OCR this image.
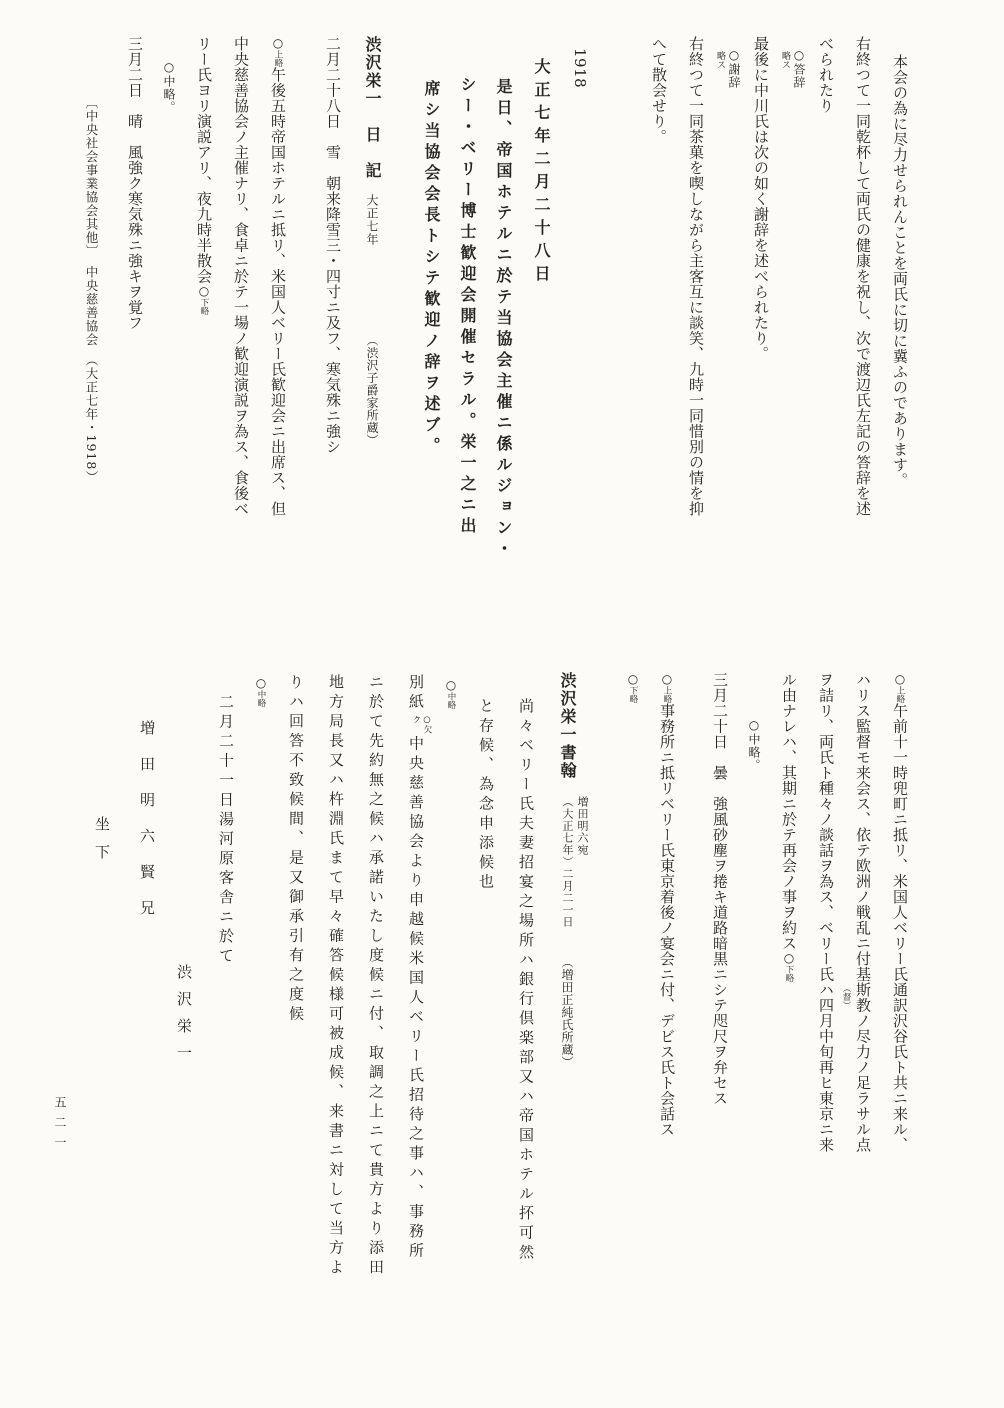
本会の為に尽力せられんことを両氏に切に冀ふのであります。
右終つて一同乾杯して両氏の健康を祝し、次で渡辺氏左記の答辞を述
べられたり
○答辞
略ス
最後に中川氏は次の如く謝辞を述べられたり。
○謝辞
略ス
右終つて一同茶菓を喫しながら主客互に談笑、九時一同惜別の情を抑
へて散会せり。
1918
大正七年二月二十八日
是日、帝国ホテルニ於テ当協会主催ニ係ルジョン・
シー・ベリー博士歓迎会開催セラル。栄一之ニ出
席シ当協会会長トシテ歓迎ノ辞ヲ述ブ。
渋沢栄一　日　記大正七年（渋沢子爵家所蔵）
二月二十八日　雪　朝来降雪三・四寸ニ及フ、寒気殊ニ強シ
○上略午後五時帝国ホテルニ抵リ、米国人ベリー氏歓迎会ニ出席ス、但
中央慈善協会ノ主催ナリ、食卓ニ於テ一場ノ歓迎演説ヲ為ス、食後ベ
リー氏ヨリ演説アリ、夜九時半散会○下略
○中略。
三月二日　晴　風強ク寒気殊ニ強キヲ覚フ
〔中央社会事業協会其他〕　中央慈善協会　（大正七年・1918）
○上略午前十一時兜町ニ抵リ、米国人ベリー氏通訳沢谷氏ト共ニ来ル、
ハリス監督モ来会ス、依テ欧洲ノ戦乱ニ付基斯
（督）
教ノ尽力ノ足ラサル点
ヲ詰リ、両氏ト種々ノ談話ヲ為ス、ベリー氏ハ四月中旬再ヒ東京ニ来
ル由ナレハ、其期ニ於テ再会ノ事ヲ約ス○下略
○中略。
三月二十日　曇　強風砂塵ヲ捲キ道路暗黒ニシテ咫尺ヲ弁セス
○上略事務所ニ抵リベリー氏東京着後ノ宴会ニ付、デビス氏ト会話ス
○下略
渋沢栄一書翰
増田明六宛
（大正七年）二月二一日
（増田正純氏所蔵）
尚々ベリー氏夫妻招宴之場所ハ銀行倶楽部又ハ帝国ホテル抔可然
と存候、為念申添候也
○中略
別紙
○欠
ク
中央慈善協会より申越候米国人ベリー氏招待之事ハ、事務所
ニ於て先約無之候ハ承諾いたし度候ニ付、取調之上ニて貴方より添田
地方局長又ハ杵淵氏まて早々確答候様可被成候、来書ニ対して当方よ
りハ回答不致候間、是又御承引有之度候
○中略
二月二十一日湯河原客舎ニ於て
渋沢栄一
増田明六賢兄
坐下
五二一
